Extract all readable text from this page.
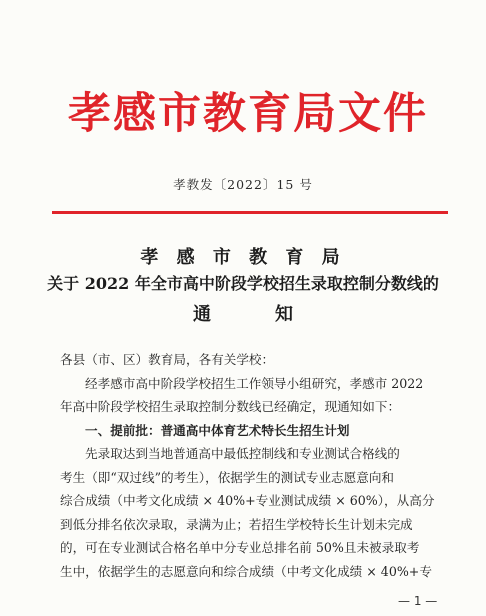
孝感市教育局文件
孝教发〔2022〕15 号
孝 感 市 教 育 局
关于 2022 年全市高中阶段学校招生录取控制分数线的
通知

各县（市、区）教育局，各有关学校：

经孝感市高中阶段学校招生工作领导小组研究，孝感市 2022

年高中阶段学校招生录取控制分数线已经确定，现通知如下：

一、提前批：普通高中体育艺术特长生招生计划

先录取达到当地普通高中最低控制线和专业测试合格线的

考生（即“双过线”的考生），依据学生的测试专业志愿意向和

综合成绩（中考文化成绩 × 40%+专业测试成绩 × 60%），从高分

到低分排名依次录取，录满为止；若招生学校特长生计划未完成

的，可在专业测试合格名单中分专业总排名前 50%且未被录取考

生中，依据学生的志愿意向和综合成绩（中考文化成绩 × 40%+专

— 1 —
